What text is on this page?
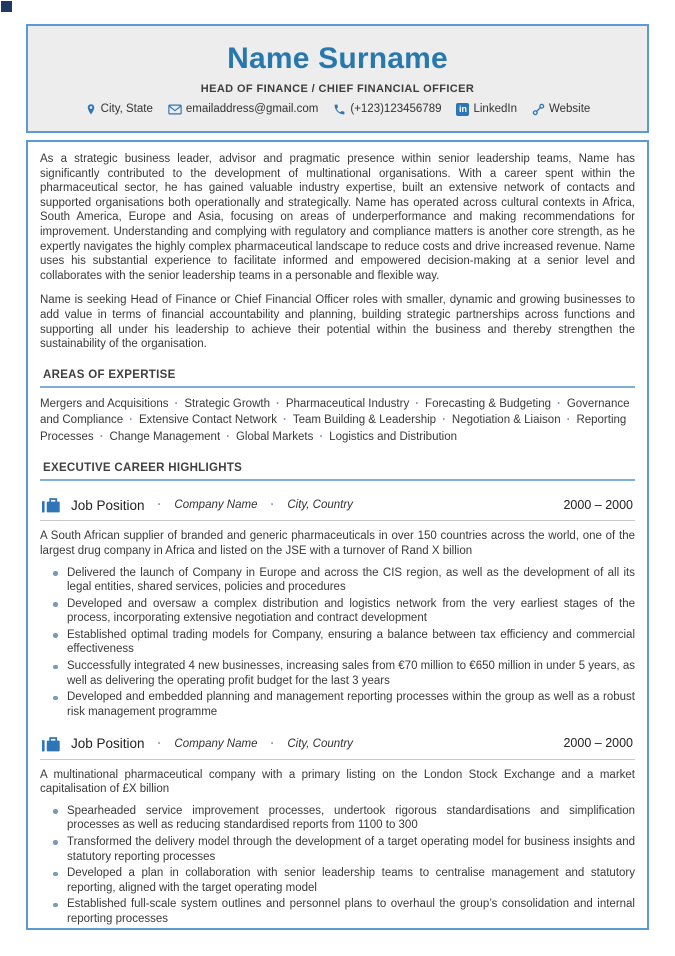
Name Surname
HEAD OF FINANCE / CHIEF FINANCIAL OFFICER
City, State	emailaddress@gmail.com	(+123)123456789 in LinkedIn	Website

As a strategic business leader, advisor and pragmatic presence within senior leadership teams, Name has significantly contributed to the development of multinational organisations. With a career spent within the pharmaceutical sector, he has gained valuable industry expertise, built an extensive network of contacts and supported organisations both operationally and strategically. Name has operated across cultural contexts in Africa, South America, Europe and Asia, focusing on areas of underperformance and making recommendations for improvement. Understanding and complying with regulatory and compliance matters is another core strength, as he expertly navigates the highly complex pharmaceutical landscape to reduce costs and drive increased revenue. Name uses his substantial experience to facilitate informed and empowered decision-making at a senior level and collaborates with the senior leadership teams in a personable and flexible way.

Name is seeking Head of Finance or Chief Financial Officer roles with smaller, dynamic and growing businesses to add value in terms of financial accountability and planning, building strategic partnerships across functions and supporting all under his leadership to achieve their potential within the business and thereby strengthen the sustainability of the organisation.

AREAS OF EXPERTISE

Mergers and Acquisitions · Strategic Growth · Pharmaceutical Industry · Forecasting & Budgeting · Governance and Compliance · Extensive Contact Network · Team Building & Leadership · Negotiation & Liaison · Reporting Processes · Change Management · Global Markets · Logistics and Distribution

EXECUTIVE CAREER HIGHLIGHTS
Job Position · Company Name · City, Country	2000 – 2000

A South African supplier of branded and generic pharmaceuticals in over 150 countries across the world, one of the largest drug company in Africa and listed on the JSE with a turnover of Rand X billion

Delivered the launch of Company in Europe and across the CIS region, as well as the development of all its legal entities, shared services, policies and procedures
Developed and oversaw a complex distribution and logistics network from the very earliest stages of the process, incorporating extensive negotiation and contract development
Established optimal trading models for Company, ensuring a balance between tax efficiency and commercial effectiveness
Successfully integrated 4 new businesses, increasing sales from €70 million to €650 million in under 5 years, as well as delivering the operating profit budget for the last 3 years
Developed and embedded planning and management reporting processes within the group as well as a robust risk management programme
Job Position · Company Name · City, Country	2000 – 2000

A multinational pharmaceutical company with a primary listing on the London Stock Exchange and a market capitalisation of £X billion

Spearheaded service improvement processes, undertook rigorous standardisations and simplification processes as well as reducing standardised reports from 1100 to 300
Transformed the delivery model through the development of a target operating model for business insights and statutory reporting processes
Developed a plan in collaboration with senior leadership teams to centralise management and statutory reporting, aligned with the target operating model
Established full-scale system outlines and personnel plans to overhaul the group’s consolidation and internal reporting processes
